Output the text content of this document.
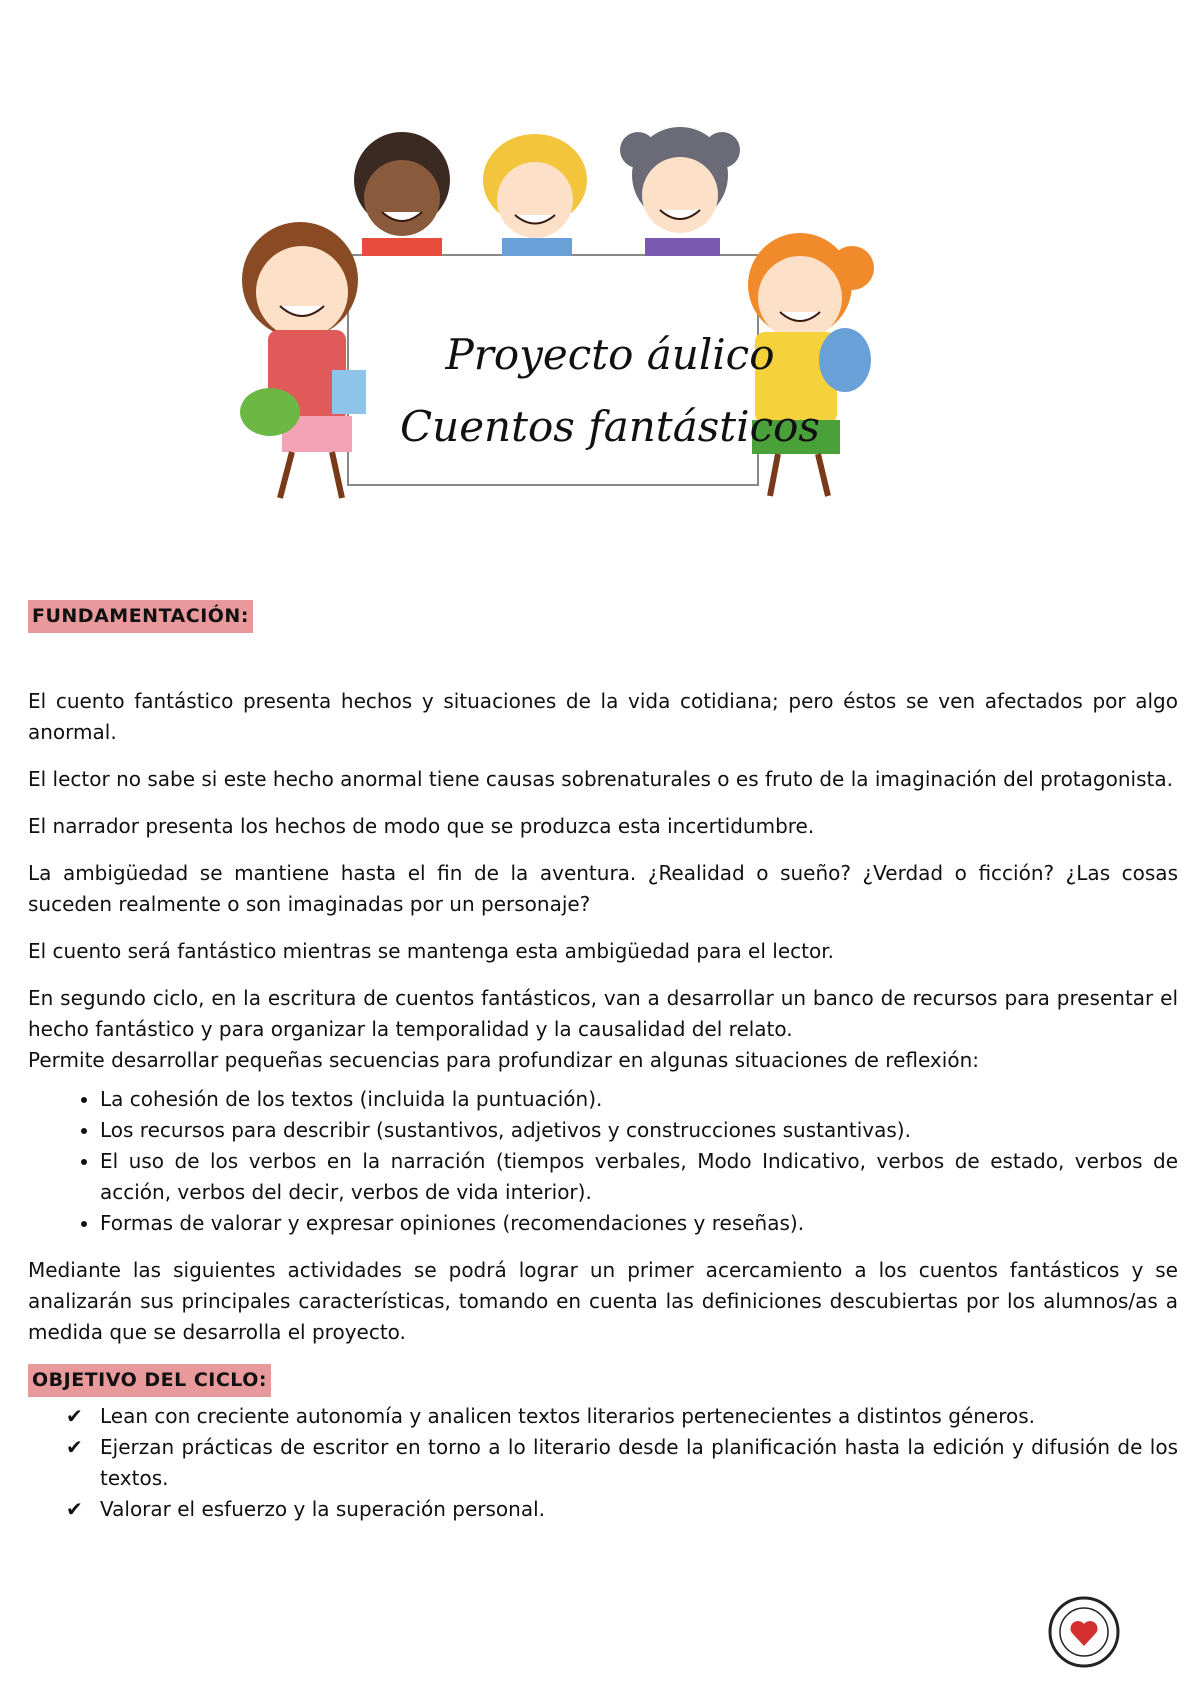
Proyecto áulico
Cuentos fantásticos
FUNDAMENTACIÓN:

El cuento fantástico presenta hechos y situaciones de la vida cotidiana; pero éstos se ven afectados por algo anormal.

El lector no sabe si este hecho anormal tiene causas sobrenaturales o es fruto de la imaginación del protagonista.

El narrador presenta los hechos de modo que se produzca esta incertidumbre.

La ambigüedad se mantiene hasta el fin de la aventura. ¿Realidad o sueño? ¿Verdad o ficción? ¿Las cosas suceden realmente o son imaginadas por un personaje?

El cuento será fantástico mientras se mantenga esta ambigüedad para el lector.

En segundo ciclo, en la escritura de cuentos fantásticos, van a desarrollar un banco de recursos para presentar el hecho fantástico y para organizar la temporalidad y la causalidad del relato.

Permite desarrollar pequeñas secuencias para profundizar en algunas situaciones de reflexión:

• La cohesión de los textos (incluida la puntuación).
• Los recursos para describir (sustantivos, adjetivos y construcciones sustantivas).
• El uso de los verbos en la narración (tiempos verbales, Modo Indicativo, verbos de estado, verbos de acción, verbos del decir, verbos de vida interior).
• Formas de valorar y expresar opiniones (recomendaciones y reseñas).

Mediante las siguientes actividades se podrá lograr un primer acercamiento a los cuentos fantásticos y se analizarán sus principales características, tomando en cuenta las definiciones descubiertas por los alumnos/as a medida que se desarrolla el proyecto.

OBJETIVO DEL CICLO:
✔ Lean con creciente autonomía y analicen textos literarios pertenecientes a distintos géneros.
✔ Ejerzan prácticas de escritor en torno a lo literario desde la planificación hasta la edición y difusión de los textos.
✔ Valorar el esfuerzo y la superación personal.
